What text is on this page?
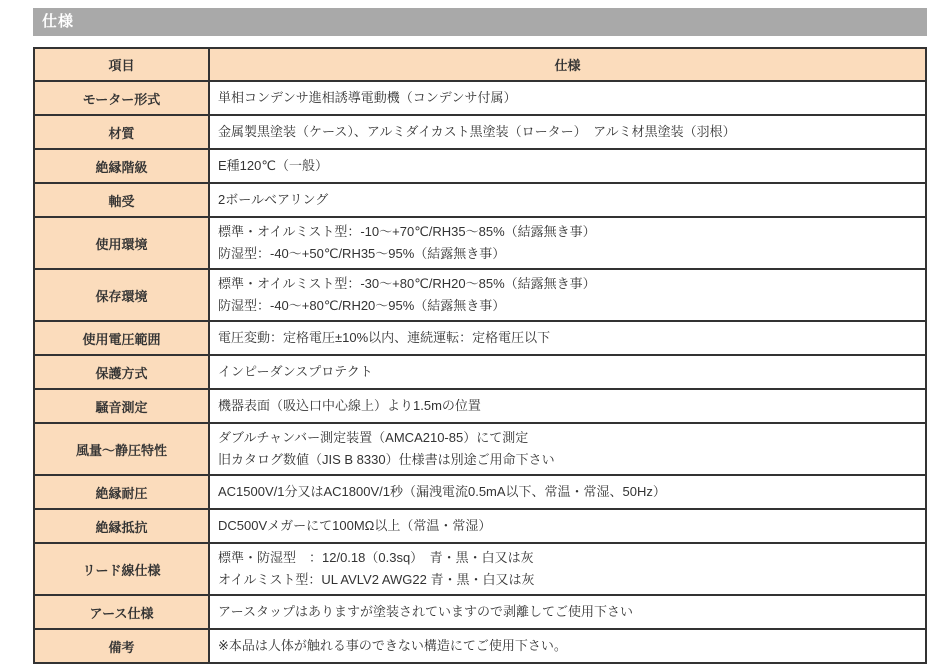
仕様
項目	仕様
モーター形式	単相コンデンサ進相誘導電動機（コンデンサ付属）

材質	金属製黒塗装（ケース）、アルミダイカスト黒塗装（ローター）　アルミ材黒塗装（羽根）

絶縁階級	E種120℃（一般）

軸受	2ボールベアリング

使用環境	標準・オイルミスト型：-10～+70℃/RH35～85%（結露無き事）
防湿型：-40～+50℃/RH35～95%（結露無き事）

保存環境	標準・オイルミスト型：-30～+80℃/RH20～85%（結露無き事）
防湿型：-40～+80℃/RH20～95%（結露無き事）

使用電圧範囲	電圧変動：定格電圧±10%以内、連続運転：定格電圧以下

保護方式	インピーダンスプロテクト

騒音測定	機器表面（吸込口中心線上）より1.5mの位置

風量～静圧特性	ダブルチャンバー測定装置（AMCA210-85）にて測定
旧カタログ数値（JIS B 8330）仕様書は別途ご用命下さい

絶縁耐圧	AC1500V/1分又はAC1800V/1秒（漏洩電流0.5mA以下、常温・常湿、50Hz）

絶縁抵抗	DC500Vメガーにて100MΩ以上（常温・常湿）

リード線仕様	標準・防湿型　：12/0.18（0.3sq）　青・黒・白又は灰
オイルミスト型：UL AVLV2 AWG22 青・黒・白又は灰

アース仕様	アースタップはありますが塗装されていますので剥離してご使用下さい

備考	※本品は人体が触れる事のできない構造にてご使用下さい。
